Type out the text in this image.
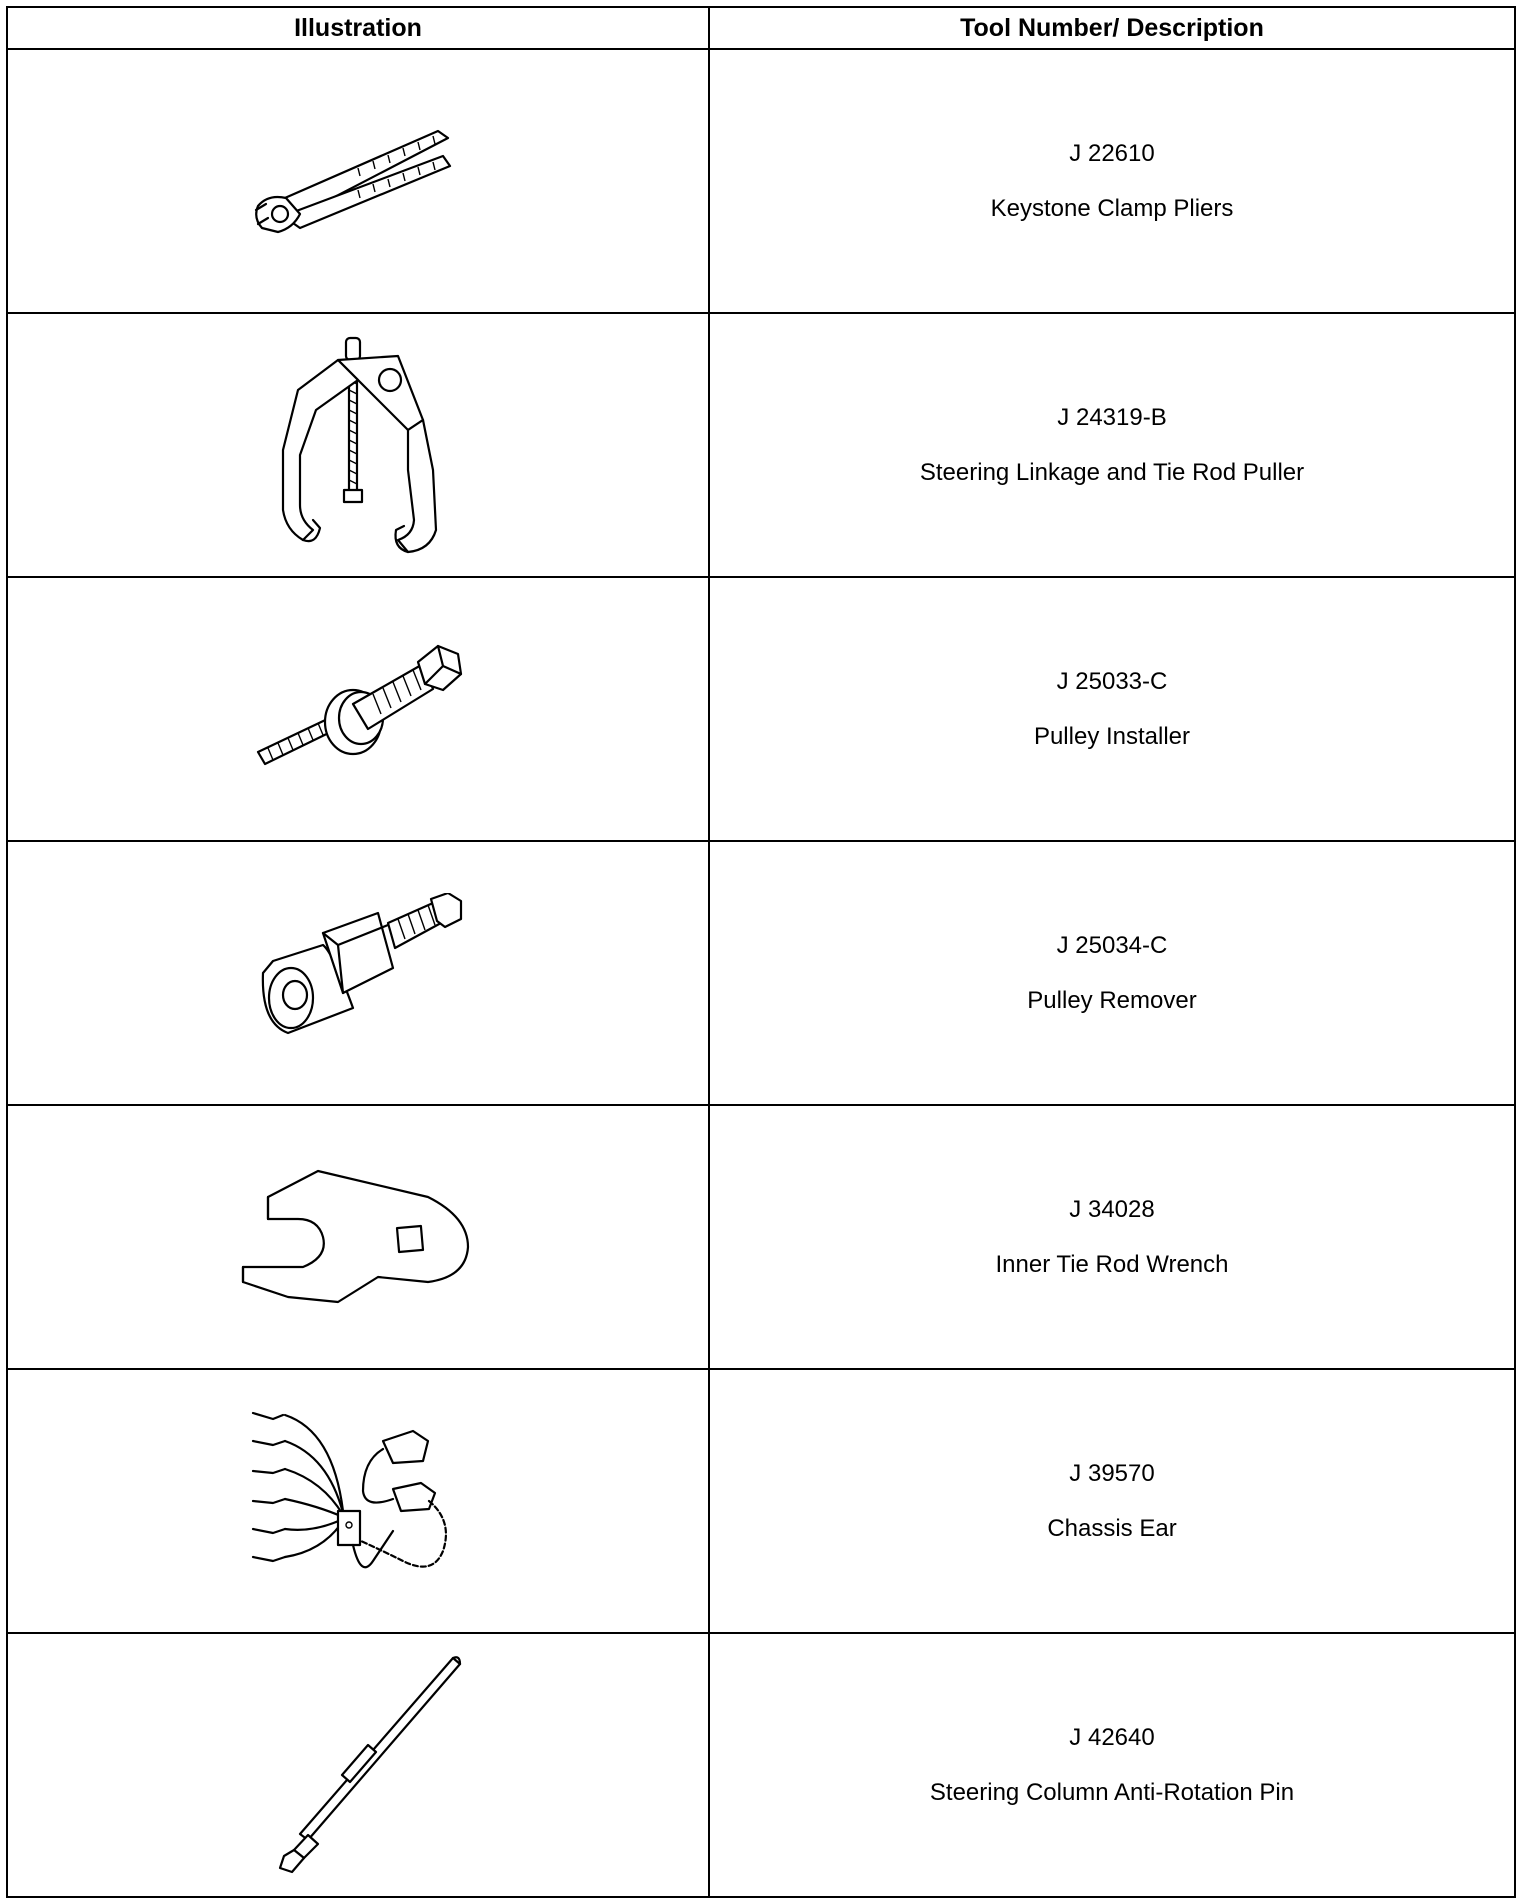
Illustration	Tool Number/ Description

J 22610
Keystone Clamp Pliers

J 24319-B
Steering Linkage and Tie Rod Puller

J 25033-C
Pulley Installer

J 25034-C
Pulley Remover

J 34028
Inner Tie Rod Wrench

J 39570
Chassis Ear

J 42640
Steering Column Anti-Rotation Pin
